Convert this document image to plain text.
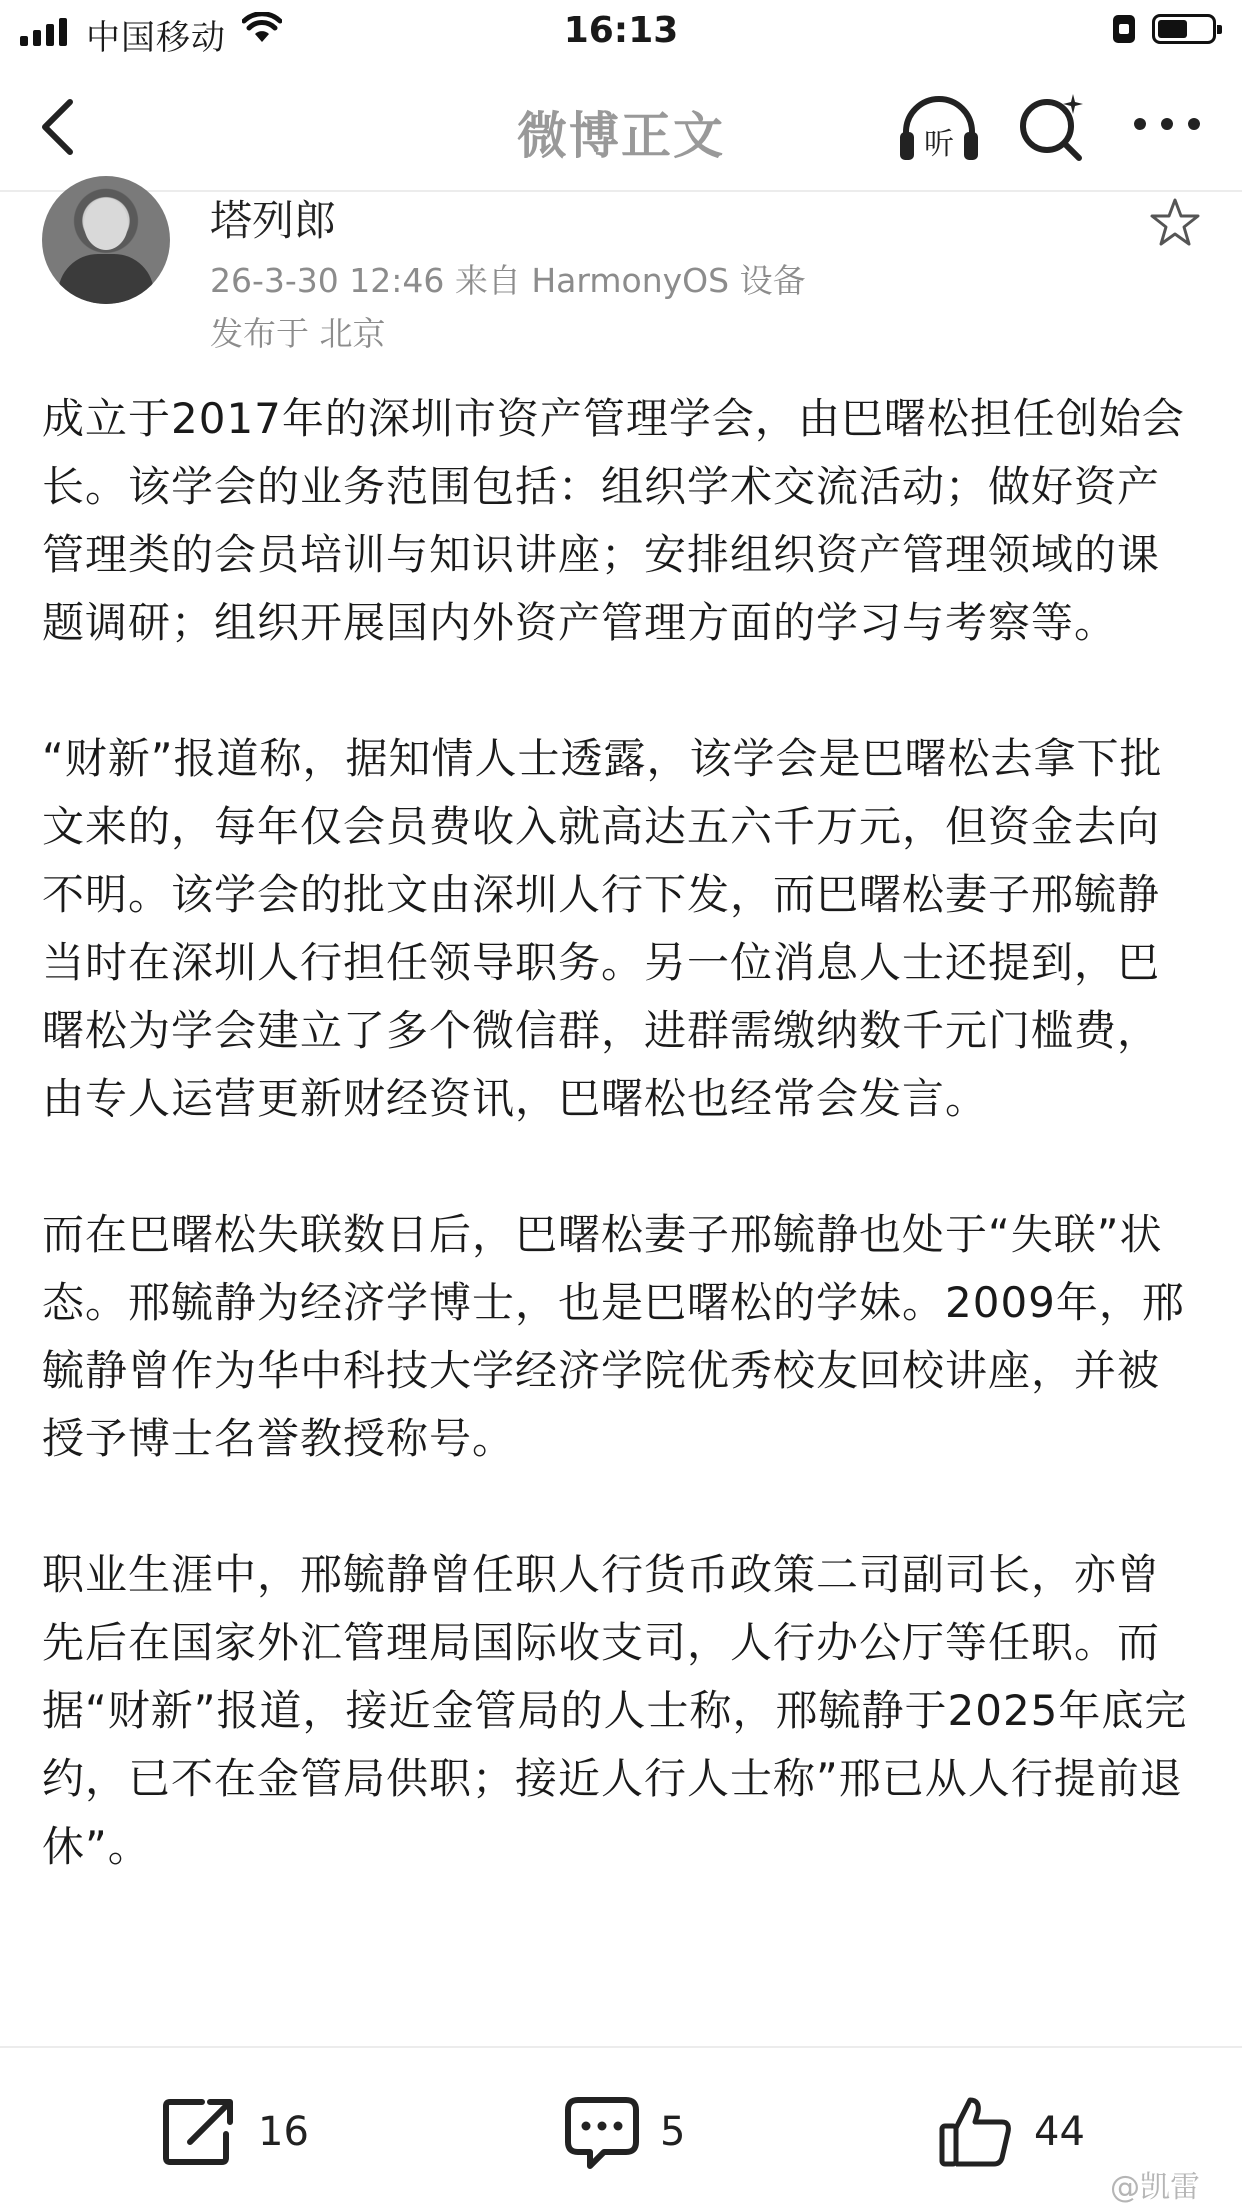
中国移动	16:13
微博正文	听
塔列郎
26-3-30 12:46 来自 HarmonyOS 设备
发布于 北京

成立于2017年的深圳市资产管理学会，由巴曙松担任创始会长。该学会的业务范围包括：组织学术交流活动；做好资产管理类的会员培训与知识讲座；安排组织资产管理领域的课题调研；组织开展国内外资产管理方面的学习与考察等。

“财新”报道称，据知情人士透露，该学会是巴曙松去拿下批文来的，每年仅会员费收入就高达五六千万元，但资金去向不明。该学会的批文由深圳人行下发，而巴曙松妻子邢毓静当时在深圳人行担任领导职务。另一位消息人士还提到，巴曙松为学会建立了多个微信群，进群需缴纳数千元门槛费，由专人运营更新财经资讯，巴曙松也经常会发言。

而在巴曙松失联数日后，巴曙松妻子邢毓静也处于“失联”状态。邢毓静为经济学博士，也是巴曙松的学妹。2009年，邢毓静曾作为华中科技大学经济学院优秀校友回校讲座，并被授予博士名誉教授称号。

职业生涯中，邢毓静曾任职人行货币政策二司副司长，亦曾先后在国家外汇管理局国际收支司，人行办公厅等任职。而据“财新”报道，接近金管局的人士称，邢毓静于2025年底完约，已不在金管局供职；接近人行人士称”邢已从人行提前退休”。

16	5	44
@凯雷
